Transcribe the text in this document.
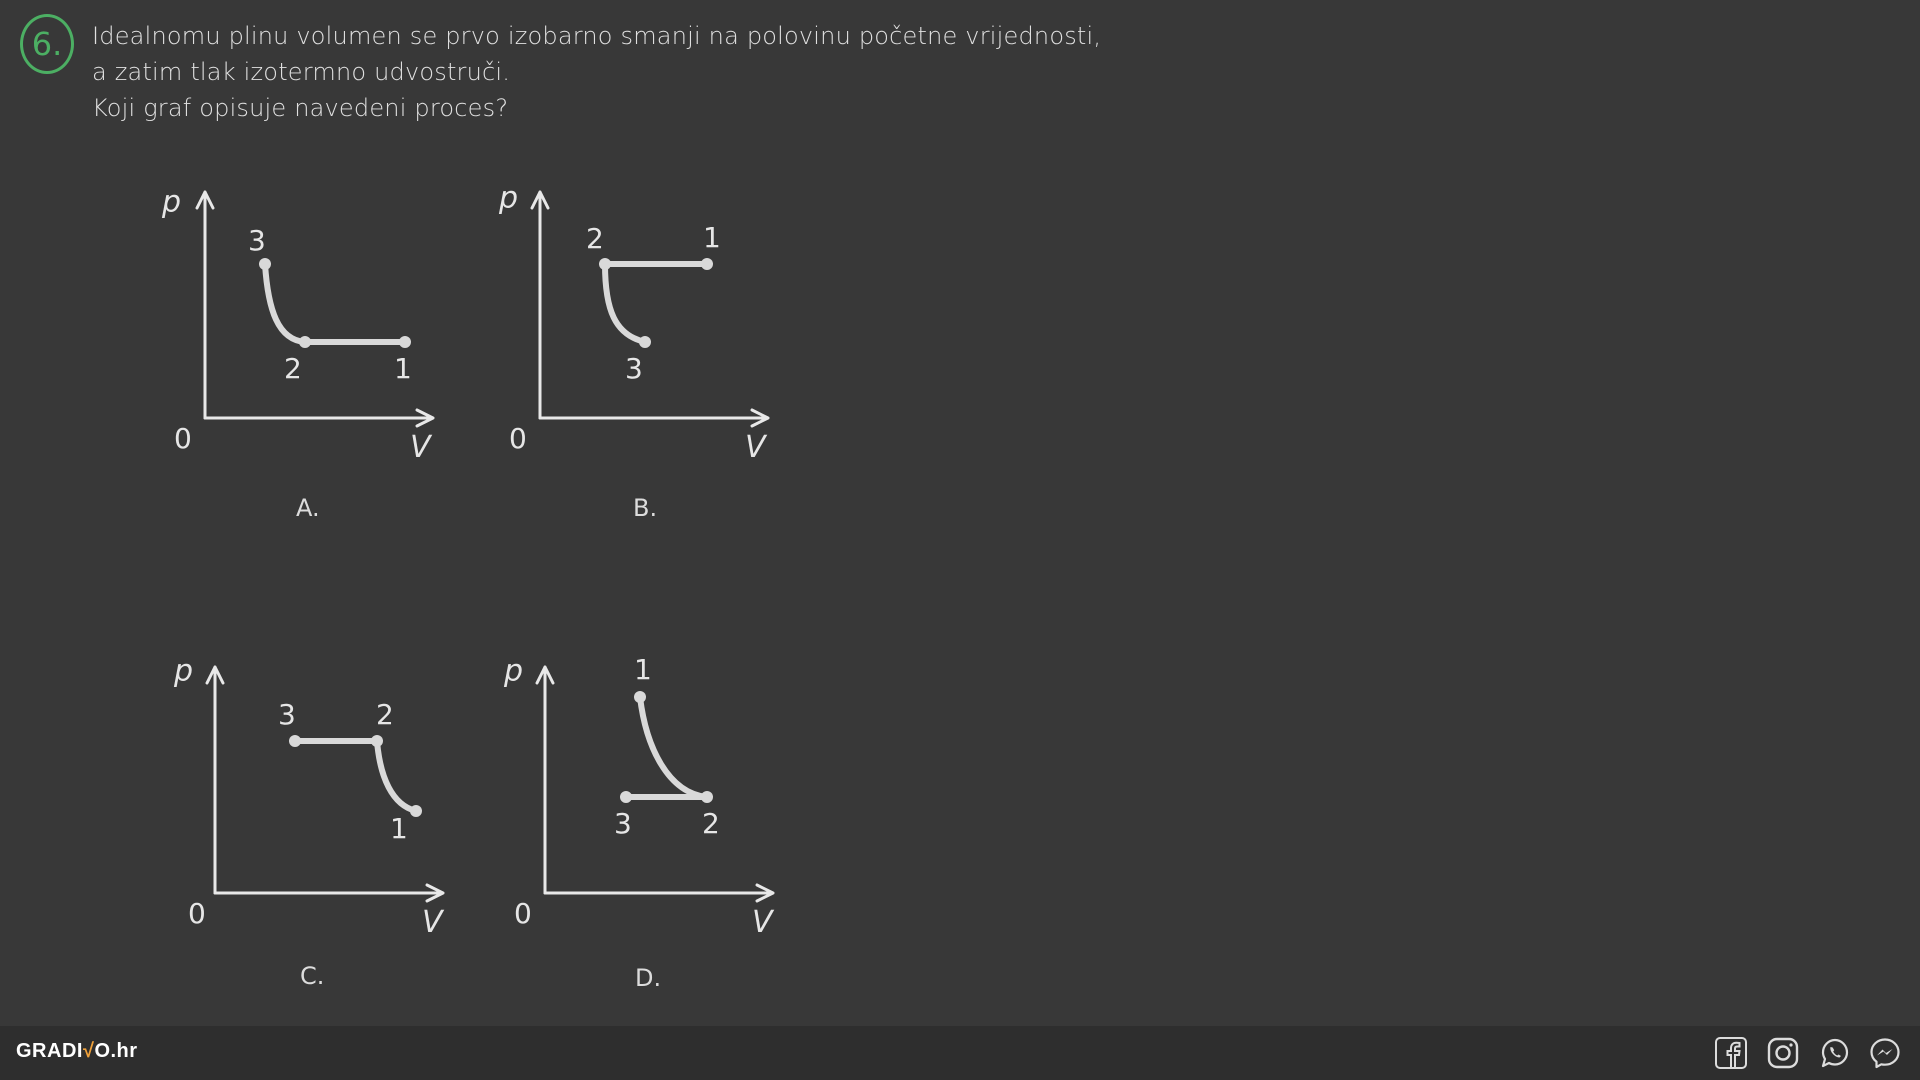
6. Idealnomu plinu volumen se prvo izobarno smanji na polovinu početne vrijednosti,
a zatim tlak izotermno udvostruči.
Koji graf opisuje navedeni proces?
p
V
0
3
2	1
A.
p
V
0
2	1
3
B.
p
V
0
3	2
1
C.
p
V
0
1
3	2
D.
GRADI√O.hr
